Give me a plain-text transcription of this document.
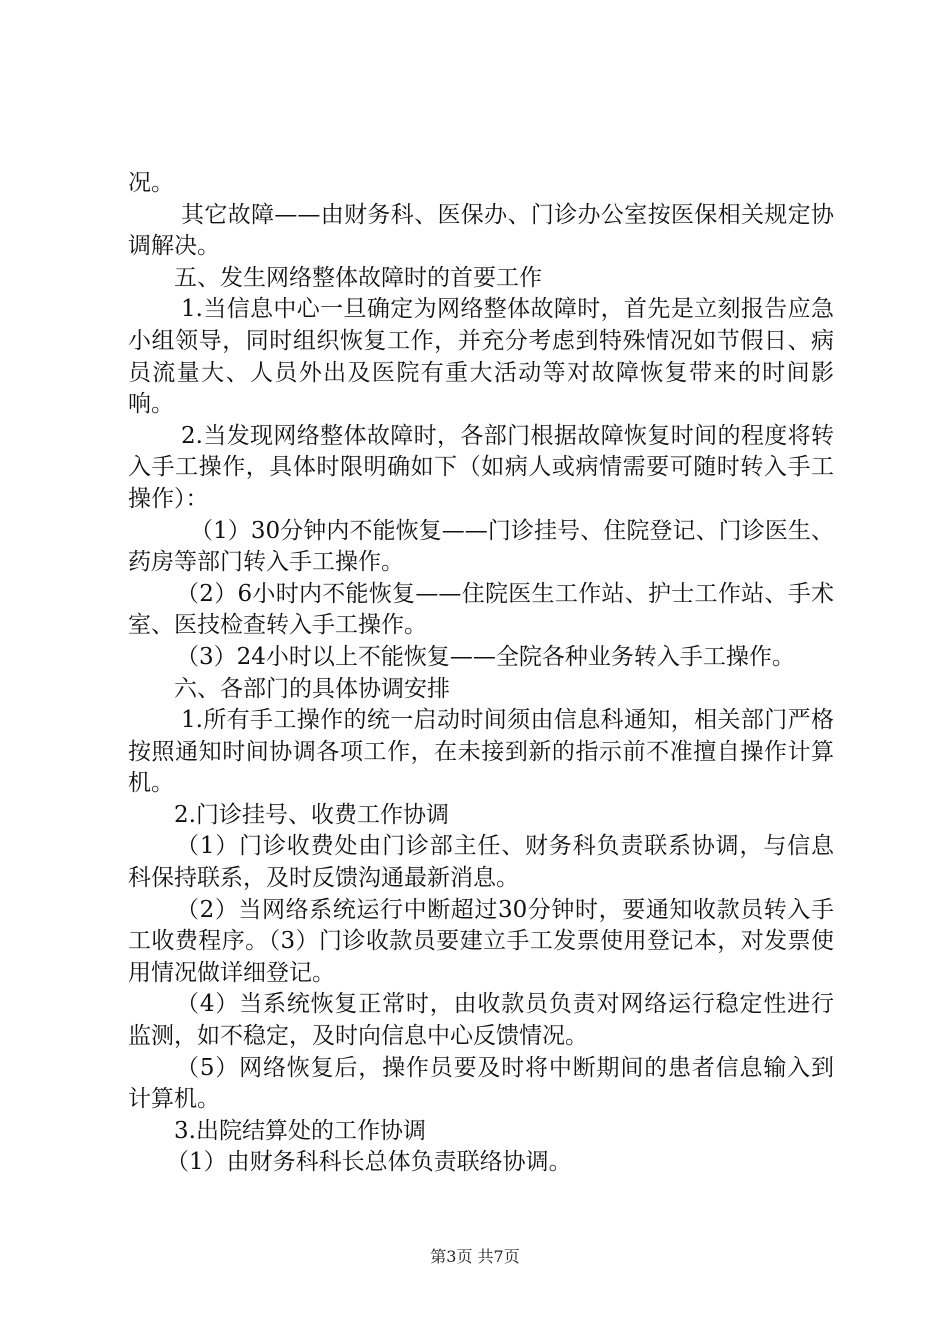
况。

其它故障——由财务科、医保办、门诊办公室按医保相关规定协调解决。

五、发生网络整体故障时的首要工作

1.当信息中心一旦确定为网络整体故障时，首先是立刻报告应急小组领导，同时组织恢复工作，并充分考虑到特殊情况如节假日、病员流量大、人员外出及医院有重大活动等对故障恢复带来的时间影响。

2.当发现网络整体故障时，各部门根据故障恢复时间的程度将转入手工操作，具体时限明确如下（如病人或病情需要可随时转入手工操作）：

（1）30分钟内不能恢复——门诊挂号、住院登记、门诊医生、药房等部门转入手工操作。

（2）6小时内不能恢复——住院医生工作站、护士工作站、手术室、医技检查转入手工操作。

（3）24小时以上不能恢复——全院各种业务转入手工操作。

六、各部门的具体协调安排

1.所有手工操作的统一启动时间须由信息科通知，相关部门严格按照通知时间协调各项工作，在未接到新的指示前不准擅自操作计算机。

2.门诊挂号、收费工作协调

（1）门诊收费处由门诊部主任、财务科负责联系协调，与信息科保持联系，及时反馈沟通最新消息。

（2）当网络系统运行中断超过30分钟时，要通知收款员转入手工收费程序。（3）门诊收款员要建立手工发票使用登记本，对发票使用情况做详细登记。

（4）当系统恢复正常时，由收款员负责对网络运行稳定性进行监测，如不稳定，及时向信息中心反馈情况。

（5）网络恢复后，操作员要及时将中断期间的患者信息输入到计算机。

3.出院结算处的工作协调

（1）由财务科科长总体负责联络协调。

第3页 共7页
